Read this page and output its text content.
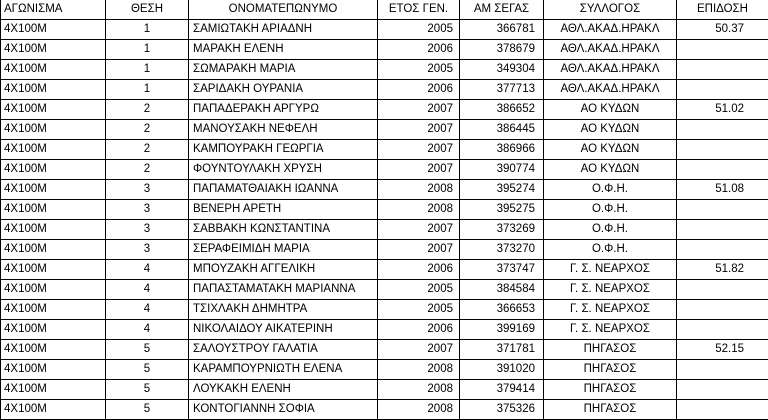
ΑΓΩΝΙΣΜΑ	ΘΕΣΗ	ΟΝΟΜΑΤΕΠΩΝΥΜΟ	ΕΤΟΣ ΓΕΝ.	ΑΜ ΣΕΓΑΣ	ΣΥΛΛΟΓΟΣ	ΕΠΙΔΟΣΗ
4Χ100Μ	1	ΣΑΜΙΩΤΑΚΗ ΑΡΙΑΔΝΗ	2005	366781	ΑΘΛ.ΑΚΑΔ.ΗΡΑΚΛ	50.37
4Χ100Μ	1	ΜΑΡΑΚΗ ΕΛΕΝΗ	2006	378679	ΑΘΛ.ΑΚΑΔ.ΗΡΑΚΛ	
4Χ100Μ	1	ΣΩΜΑΡΑΚΗ ΜΑΡΙΑ	2005	349304	ΑΘΛ.ΑΚΑΔ.ΗΡΑΚΛ	
4Χ100Μ	1	ΣΑΡΙΔΑΚΗ ΟΥΡΑΝΙΑ	2006	377713	ΑΘΛ.ΑΚΑΔ.ΗΡΑΚΛ	
4Χ100Μ	2	ΠΑΠΑΔΕΡΑΚΗ ΑΡΓΥΡΩ	2007	386652	ΑΟ ΚΥΔΩΝ	51.02
4Χ100Μ	2	ΜΑΝΟΥΣΑΚΗ ΝΕΦΕΛΗ	2007	386445	ΑΟ ΚΥΔΩΝ	
4Χ100Μ	2	ΚΑΜΠΟΥΡΑΚΗ ΓΕΩΡΓΙΑ	2007	386966	ΑΟ ΚΥΔΩΝ	
4Χ100Μ	2	ΦΟΥΝΤΟΥΛΑΚΗ ΧΡΥΣΗ	2007	390774	ΑΟ ΚΥΔΩΝ	
4Χ100Μ	3	ΠΑΠΑΜΑΤΘΑΙΑΚΗ ΙΩΑΝΝΑ	2008	395274	Ο.Φ.Η.	51.08
4Χ100Μ	3	ΒΕΝΕΡΗ ΑΡΕΤΗ	2008	395275	Ο.Φ.Η.	
4Χ100Μ	3	ΣΑΒΒΑΚΗ ΚΩΝΣΤΑΝΤΙΝΑ	2007	373269	Ο.Φ.Η.	
4Χ100Μ	3	ΣΕΡΑΦΕΙΜΙΔΗ ΜΑΡΙΑ	2007	373270	Ο.Φ.Η.	
4Χ100Μ	4	ΜΠΟΥΖΑΚΗ ΑΓΓΕΛΙΚΗ	2006	373747	Γ. Σ. ΝΕΑΡΧΟΣ	51.82
4Χ100Μ	4	ΠΑΠΑΣΤΑΜΑΤΑΚΗ ΜΑΡΙΑΝΝΑ	2005	384584	Γ. Σ. ΝΕΑΡΧΟΣ	
4Χ100Μ	4	ΤΣΙΧΛΑΚΗ ΔΗΜΗΤΡΑ	2005	366653	Γ. Σ. ΝΕΑΡΧΟΣ	
4Χ100Μ	4	ΝΙΚΟΛΑΙΔΟΥ ΑΙΚΑΤΕΡΙΝΗ	2006	399169	Γ. Σ. ΝΕΑΡΧΟΣ	
4Χ100Μ	5	ΣΑΛΟΥΣΤΡΟΥ ΓΑΛΑΤΙΑ	2007	371781	ΠΗΓΑΣΟΣ	52.15
4Χ100Μ	5	ΚΑΡΑΜΠΟΥΡΝΙΩΤΗ ΕΛΕΝΑ	2008	391020	ΠΗΓΑΣΟΣ	
4Χ100Μ	5	ΛΟΥΚΑΚΗ ΕΛΕΝΗ	2008	379414	ΠΗΓΑΣΟΣ	
4Χ100Μ	5	ΚΟΝΤΟΓΙΑΝΝΗ ΣΟΦΙΑ	2008	375326	ΠΗΓΑΣΟΣ	
